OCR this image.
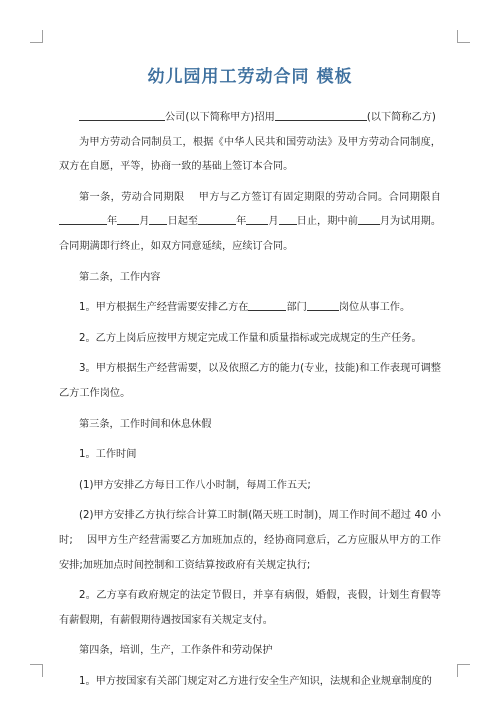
幼儿园用工劳动合同 模板

公司(以下简称甲方)招用	(以下简称乙方)

为甲方劳动合同制员工，根据《中华人民共和国劳动法》及甲方劳动合同制度，双方在自愿，平等，协商一致的基础上签订本合同。

第一条，劳动合同期限　 甲方与乙方签订有固定期限的劳动合同。合同期限自年 月 日起至	年 月 日止，期中前 月为试用期。合同期满即行终止，如双方同意延续，应续订合同。

第二条，工作内容

1。甲方根据生产经营需要安排乙方在	部门	岗位从事工作。

2。乙方上岗后应按甲方规定完成工作量和质量指标或完成规定的生产任务。

3。甲方根据生产经营需要，以及依照乙方的能力(专业，技能)和工作表现可调整乙方工作岗位。

第三条，工作时间和休息休假

1。工作时间

(1)甲方安排乙方每日工作八小时制，每周工作五天;

(2)甲方安排乙方执行综合计算工时制(隔天班工时制)，周工作时间不超过 40 小时;　 因甲方生产经营需要乙方加班加点的，经协商同意后，乙方应服从甲方的工作安排;加班加点时间控制和工资结算按政府有关规定执行;

2。乙方享有政府规定的法定节假日，并享有病假，婚假，丧假，计划生育假等有薪假期，有薪假期待遇按国家有关规定支付。

第四条，培训，生产，工作条件和劳动保护

1。甲方按国家有关部门规定对乙方进行安全生产知识，法规和企业规章制度的
